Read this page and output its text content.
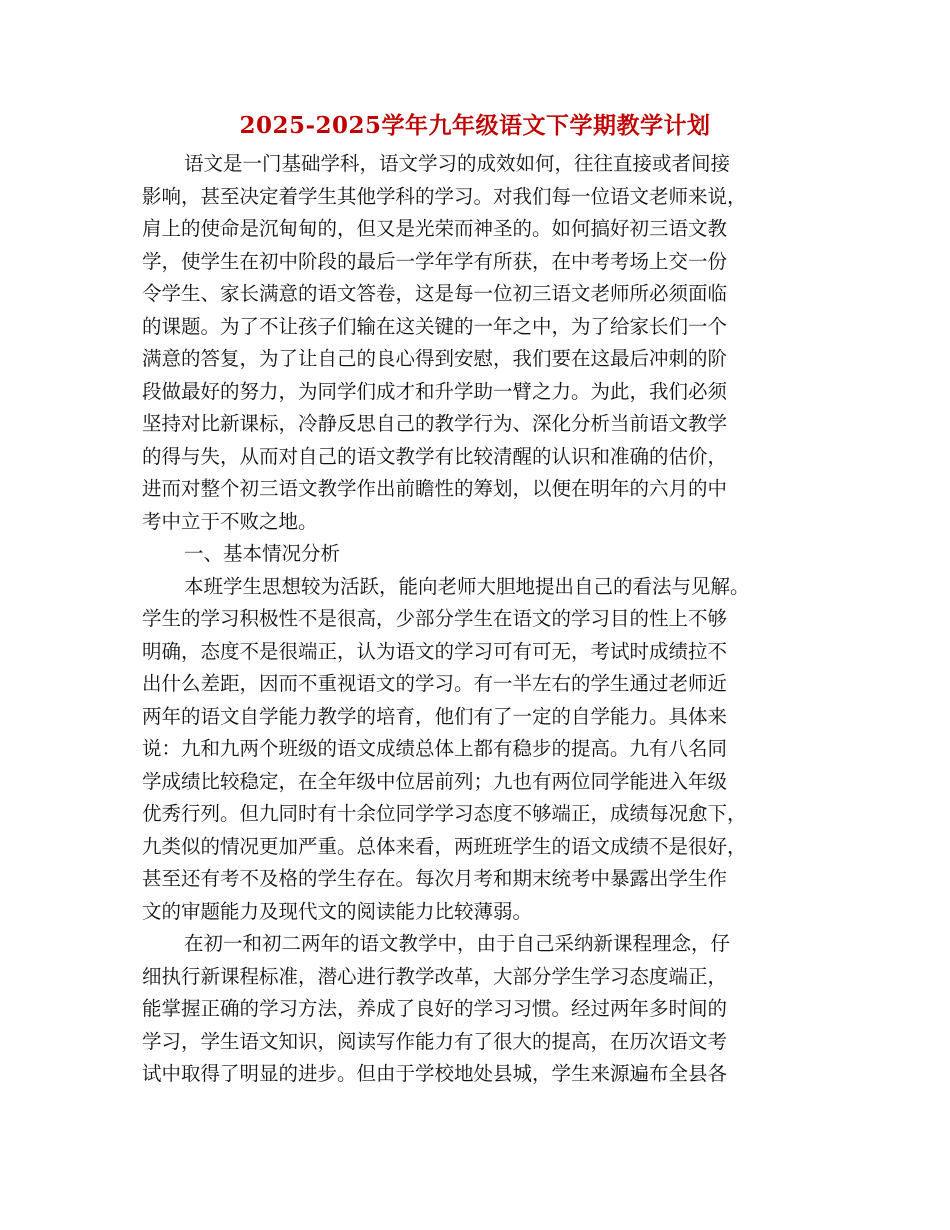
2025-2025学年九年级语文下学期教学计划
语文是一门基础学科，语文学习的成效如何，往往直接或者间接
影响，甚至决定着学生其他学科的学习。对我们每一位语文老师来说，
肩上的使命是沉甸甸的，但又是光荣而神圣的。如何搞好初三语文教
学，使学生在初中阶段的最后一学年学有所获，在中考考场上交一份
令学生、家长满意的语文答卷，这是每一位初三语文老师所必须面临
的课题。为了不让孩子们输在这关键的一年之中，为了给家长们一个
满意的答复，为了让自己的良心得到安慰，我们要在这最后冲刺的阶
段做最好的努力，为同学们成才和升学助一臂之力。为此，我们必须
坚持对比新课标，冷静反思自己的教学行为、深化分析当前语文教学
的得与失，从而对自己的语文教学有比较清醒的认识和准确的估价，
进而对整个初三语文教学作出前瞻性的筹划，以便在明年的六月的中
考中立于不败之地。
一、基本情况分析
本班学生思想较为活跃，能向老师大胆地提出自己的看法与见解。
学生的学习积极性不是很高，少部分学生在语文的学习目的性上不够
明确，态度不是很端正，认为语文的学习可有可无，考试时成绩拉不
出什么差距，因而不重视语文的学习。有一半左右的学生通过老师近
两年的语文自学能力教学的培育，他们有了一定的自学能力。具体来
说：九和九两个班级的语文成绩总体上都有稳步的提高。九有八名同
学成绩比较稳定，在全年级中位居前列；九也有两位同学能进入年级
优秀行列。但九同时有十余位同学学习态度不够端正，成绩每况愈下，
九类似的情况更加严重。总体来看，两班班学生的语文成绩不是很好，
甚至还有考不及格的学生存在。每次月考和期末统考中暴露出学生作
文的审题能力及现代文的阅读能力比较薄弱。
在初一和初二两年的语文教学中，由于自己采纳新课程理念，仔
细执行新课程标准，潜心进行教学改革，大部分学生学习态度端正，
能掌握正确的学习方法，养成了良好的学习习惯。经过两年多时间的
学习，学生语文知识，阅读写作能力有了很大的提高，在历次语文考
试中取得了明显的进步。但由于学校地处县城，学生来源遍布全县各
